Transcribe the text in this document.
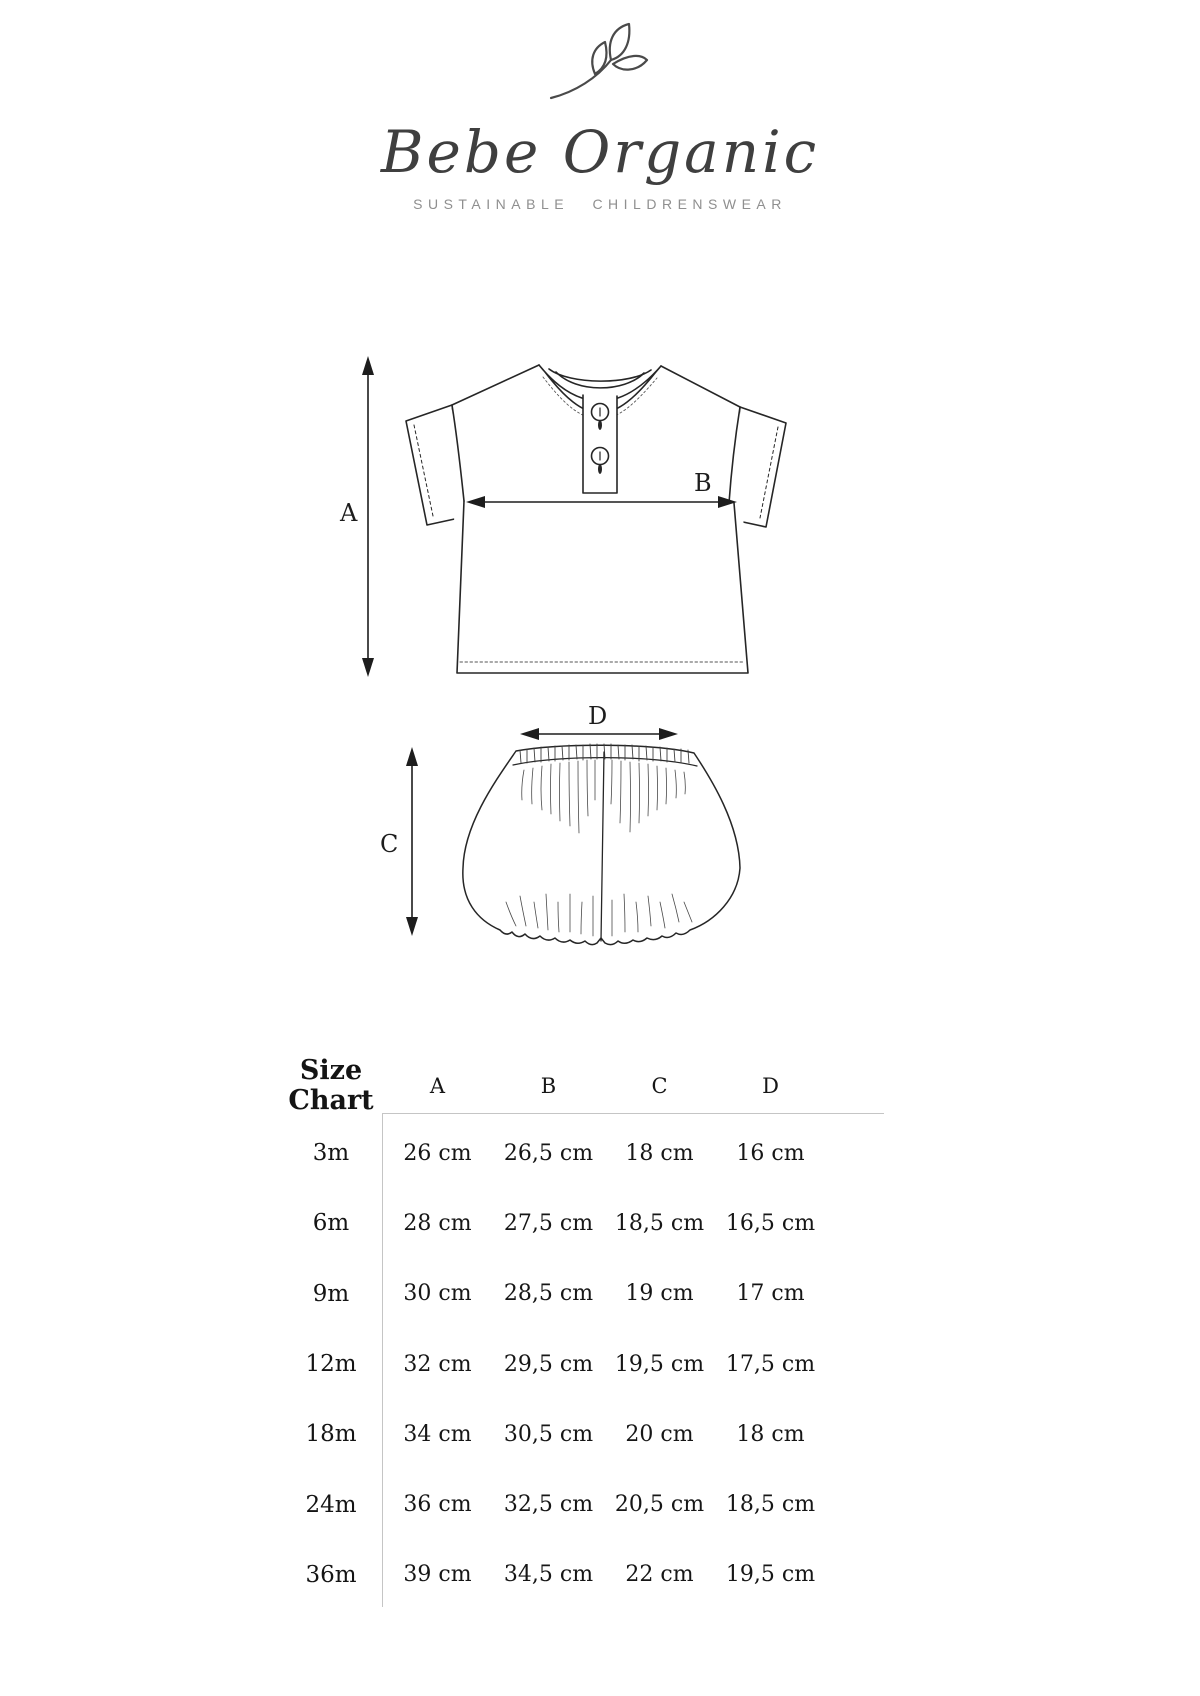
Bebe Organic
SUSTAINABLE CHILDRENSWEAR
A
B
D
C
Size Chart	A	B	C	D
3m	26 cm	26,5 cm	18 cm	16 cm
6m	28 cm	27,5 cm 18,5 cm 16,5 cm
9m	30 cm	28,5 cm	19 cm	17 cm
12m	32 cm	29,5 cm 19,5 cm 17,5 cm
18m	34 cm	30,5 cm	20 cm	18 cm
24m	36 cm	32,5 cm 20,5 cm 18,5 cm
36m	39 cm	34,5 cm	22 cm	19,5 cm
